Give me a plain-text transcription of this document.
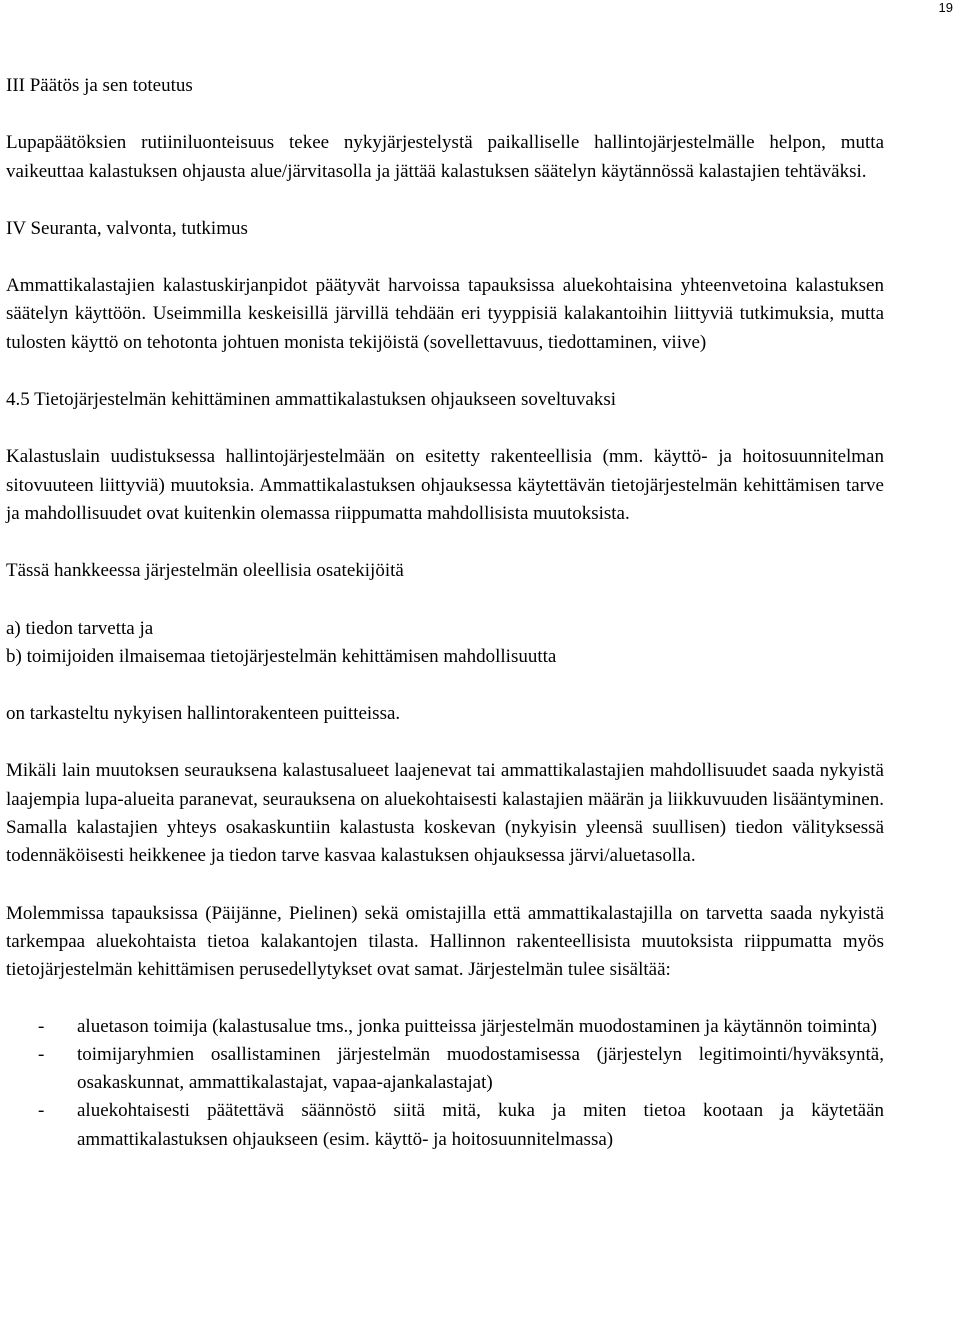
19

III Päätös ja sen toteutus

Lupapäätöksien rutiiniluonteisuus tekee nykyjärjestelystä paikalliselle hallintojärjestelmälle helpon, mutta vaikeuttaa kalastuksen ohjausta alue/järvitasolla ja jättää kalastuksen säätelyn käytännössä kalastajien tehtäväksi.

IV Seuranta, valvonta, tutkimus

Ammattikalastajien kalastuskirjanpidot päätyvät harvoissa tapauksissa aluekohtaisina yhteenvetoina kalastuksen säätelyn käyttöön. Useimmilla keskeisillä järvillä tehdään eri tyyppisiä kalakantoihin liittyviä tutkimuksia, mutta tulosten käyttö on tehotonta johtuen monista tekijöistä (sovellettavuus, tiedottaminen, viive)

4.5 Tietojärjestelmän kehittäminen ammattikalastuksen ohjaukseen soveltuvaksi

Kalastuslain uudistuksessa hallintojärjestelmään on esitetty rakenteellisia (mm. käyttö- ja hoitosuunnitelman sitovuuteen liittyviä) muutoksia. Ammattikalastuksen ohjauksessa käytettävän tietojärjestelmän kehittämisen tarve ja mahdollisuudet ovat kuitenkin olemassa riippumatta mahdollisista muutoksista.

Tässä hankkeessa järjestelmän oleellisia osatekijöitä

a) tiedon tarvetta ja

b) toimijoiden ilmaisemaa tietojärjestelmän kehittämisen mahdollisuutta

on tarkasteltu nykyisen hallintorakenteen puitteissa.

Mikäli lain muutoksen seurauksena kalastusalueet laajenevat tai ammattikalastajien mahdollisuudet saada nykyistä laajempia lupa-alueita paranevat, seurauksena on aluekohtaisesti kalastajien määrän ja liikkuvuuden lisääntyminen. Samalla kalastajien yhteys osakaskuntiin kalastusta koskevan (nykyisin yleensä suullisen) tiedon välityksessä todennäköisesti heikkenee ja tiedon tarve kasvaa kalastuksen ohjauksessa järvi/aluetasolla.

Molemmissa tapauksissa (Päijänne, Pielinen) sekä omistajilla että ammattikalastajilla on tarvetta saada nykyistä tarkempaa aluekohtaista tietoa kalakantojen tilasta. Hallinnon rakenteellisista muutoksista riippumatta myös tietojärjestelmän kehittämisen perusedellytykset ovat samat. Järjestelmän tulee sisältää:

- aluetason toimija (kalastusalue tms., jonka puitteissa järjestelmän muodostaminen ja käytännön toiminta)
- toimijaryhmien osallistaminen järjestelmän muodostamisessa (järjestelyn legitimointi/hyväksyntä, osakaskunnat, ammattikalastajat, vapaa-ajankalastajat)
- aluekohtaisesti päätettävä säännöstö siitä mitä, kuka ja miten tietoa kootaan ja käytetään ammattikalastuksen ohjaukseen (esim. käyttö- ja hoitosuunnitelmassa)
